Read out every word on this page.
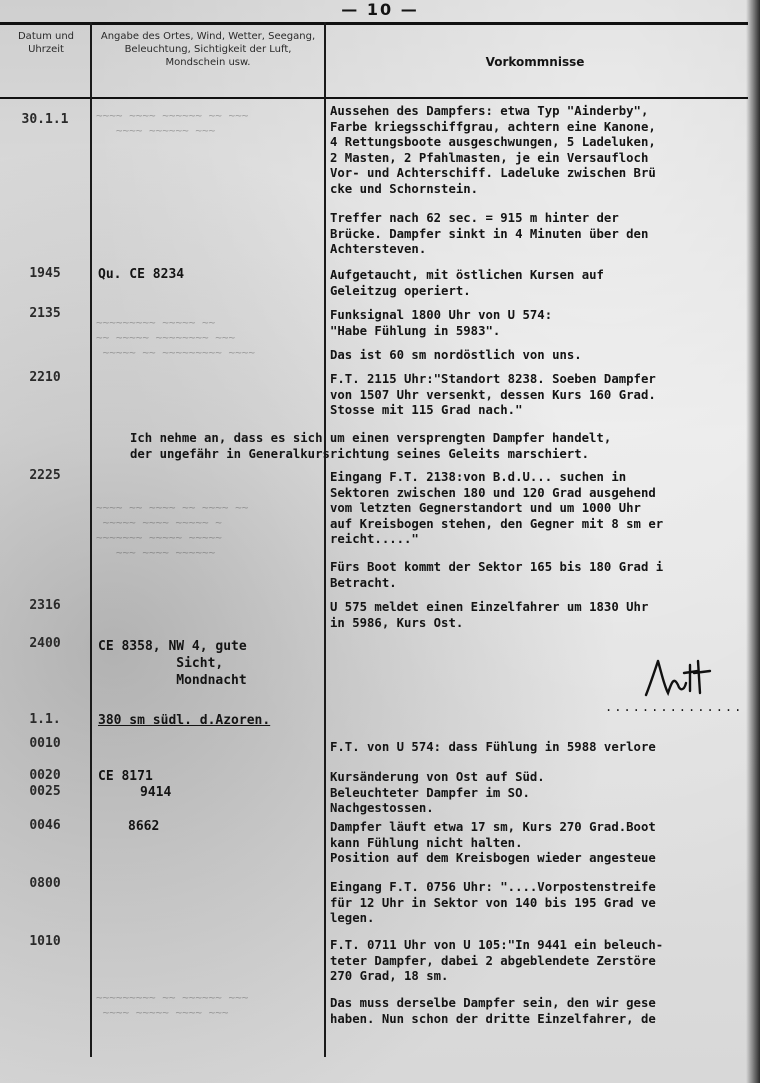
— 10 —
Datum und Uhrzeit
Angabe des Ortes, Wind, Wetter, Seegang, Beleuchtung, Sichtigkeit der Luft, Mondschein usw.	Vorkommnisse
~~~~ ~~~~ ~~~~~~ ~~ ~~~
~~~~ ~~~~~~ ~~~
~~~~~~~~~ ~~~~~ ~~
~~ ~~~~~ ~~~~~~~~ ~~~
~~~~~ ~~ ~~~~~~~~~ ~~~~
~~~~ ~~ ~~~~ ~~ ~~~~ ~~
~~~~~ ~~~~ ~~~~~ ~
~~~~~~~ ~~~~~ ~~~~~
~~~ ~~~~ ~~~~~~
~~~~~~~~~ ~~ ~~~~~~ ~~~
~~~~ ~~~~~ ~~~~ ~~~
30.1.1
1945
2135
2210
2225
2316
2400
1.1.
0010
0020
0025
0046
0800
1010
Qu. CE 8234
CE 8358, NW 4, gute
Sicht,
Mondnacht
380 sm südl. d.Azoren.
CE 8171
9414
8662
Aussehen des Dampfers: etwa Typ "Ainderby",
Farbe kriegsschiffgrau, achtern eine Kanone,
4 Rettungsboote ausgeschwungen, 5 Ladeluken,
2 Masten, 2 Pfahlmasten, je ein Versaufloch
Vor- und Achterschiff. Ladeluke zwischen Brü
cke und Schornstein.
Treffer nach 62 sec. = 915 m hinter der
Brücke. Dampfer sinkt in 4 Minuten über den
Achtersteven.
Aufgetaucht, mit östlichen Kursen auf
Geleitzug operiert.
Funksignal 1800 Uhr von U 574:
"Habe Fühlung in 5983".
Das ist 60 sm nordöstlich von uns.
F.T. 2115 Uhr:"Standort 8238. Soeben Dampfer
von 1507 Uhr versenkt, dessen Kurs 160 Grad.
Stosse mit 115 Grad nach."
Ich nehme an, dass es sich um einen versprengten Dampfer handelt,
der ungefähr in Generalkursrichtung seines Geleits marschiert.
Eingang F.T. 2138:von B.d.U... suchen in
Sektoren zwischen 180 und 120 Grad ausgehend
vom letzten Gegnerstandort und um 1000 Uhr
auf Kreisbogen stehen, den Gegner mit 8 sm er
reicht....."
Fürs Boot kommt der Sektor 165 bis 180 Grad i
Betracht.
U 575 meldet einen Einzelfahrer um 1830 Uhr
in 5986, Kurs Ost.
...............
F.T. von U 574: dass Fühlung in 5988 verlore
Kursänderung von Ost auf Süd.
Beleuchteter Dampfer im SO.
Nachgestossen.
Dampfer läuft etwa 17 sm, Kurs 270 Grad.Boot
kann Fühlung nicht halten.
Position auf dem Kreisbogen wieder angesteue
Eingang F.T. 0756 Uhr: "....Vorpostenstreife
für 12 Uhr in Sektor von 140 bis 195 Grad ve
legen.
F.T. 0711 Uhr von U 105:"In 9441 ein beleuch-
teter Dampfer, dabei 2 abgeblendete Zerstöre
270 Grad, 18 sm.
Das muss derselbe Dampfer sein, den wir gese
haben. Nun schon der dritte Einzelfahrer, de
